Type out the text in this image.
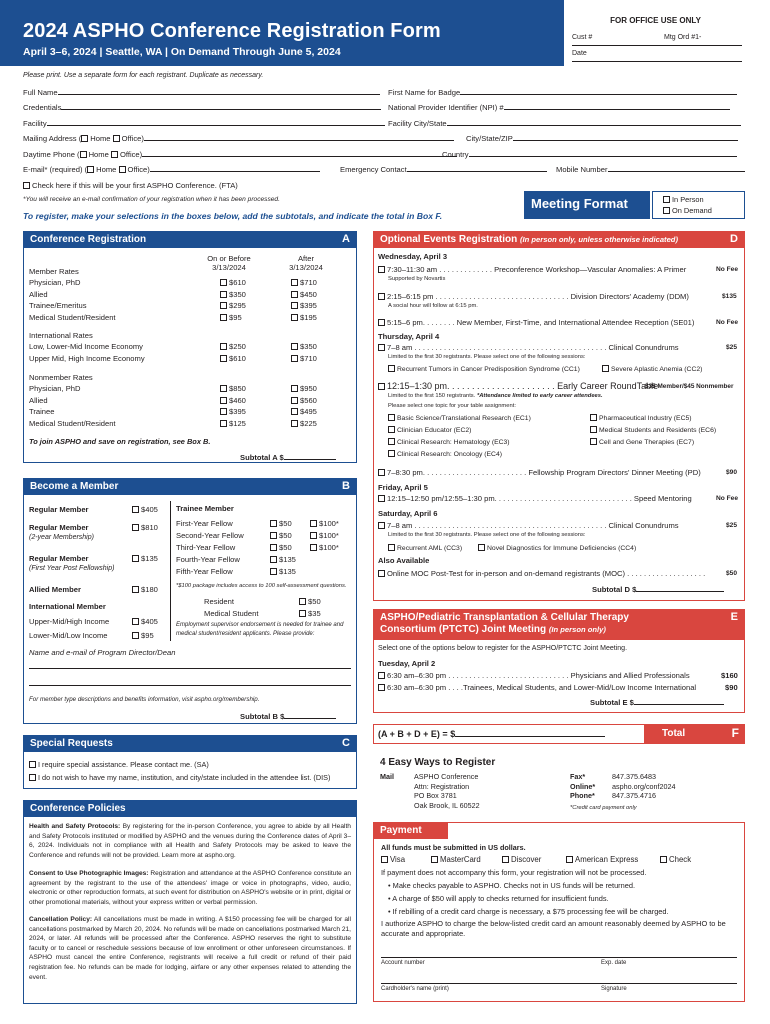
2024 ASPHO Conference Registration Form
April 3–6, 2024 | Seattle, WA | On Demand Through June 5, 2024
FOR OFFICE USE ONLY
Cust #	Mtg Ord #1-
Date
Please print. Use a separate form for each registrant. Duplicate as necessary.
Full Name	First Name for Badge
Credentials	National Provider Identifier (NPI) #
Facility	Facility City/State
Mailing Address ( Home Office)	City/State/ZIP
Daytime Phone ( Home Office)	Country
E-mail* (required) ( Home Office)	Emergency Contact	Mobile Number
Check here if this will be your first ASPHO Conference. (FTA)
*You will receive an e-mail confirmation of your registration when it has been processed.
To register, make your selections in the boxes below, add the subtotals, and indicate the total in Box F.
Meeting Format	In Person
On Demand
Conference Registration	A
On or Before
3/13/2024
After
3/13/2024
Member Rates
Physician, PhD	$610	$710
Allied	$350	$450
Trainee/Emeritus	$295	$395
Medical Student/Resident	$95	$195
International Rates
Low, Lower-Mid Income Economy	$250	$350
Upper Mid, High Income Economy	$610	$710
Nonmember Rates
Physician, PhD	$850	$950
Allied	$460	$560
Trainee	$395	$495
Medical Student/Resident	$125	$225
To join ASPHO and save on registration, see Box B.
Subtotal A $
Become a Member	B
Regular Member	$405
Regular Member
(2-year Membership)
$810
Regular Member
(First Year Post Fellowship)
$135
Allied Member	$180
International Member
Upper-Mid/High Income	$405
Lower-Mid/Low Income	$95
Trainee Member
First-Year Fellow	$50	$100*
Second-Year Fellow	$50	$100*
Third-Year Fellow	$50	$100*
Fourth-Year Fellow	$135
Fifth-Year Fellow	$135
*$100 package includes access to 100 self-assessment questions.
Resident	$50
Medical Student	$35
Employment supervisor endorsement is needed for trainee and medical student/resident applicants. Please provide:
Name and e-mail of Program Director/Dean
For member type descriptions and benefits information, visit aspho.org/membership.
Subtotal B $
Special Requests	C
I require special assistance. Please contact me. (SA)
I do not wish to have my name, institution, and city/state included in the attendee list. (DIS)
Conference Policies
Health and Safety Protocols: By registering for the in-person Conference, you agree to abide by all Health and Safety Protocols instituted or modified by ASPHO and the venues during the Conference dates of April 3–6, 2024. Individuals not in compliance with all Health and Safety Protocols may be asked to leave the Conference and refunds will not be provided. Learn more at aspho.org.
Consent to Use Photographic Images: Registration and attendance at the ASPHO Conference constitute an agreement by the registrant to the use of the attendees' image or voice in photographs, video, audio, electronic or other reproduction formats, at such event for distribution on ASPHO's website or in print, digital or other promotional materials, without your express written or verbal permission.
Cancellation Policy: All cancellations must be made in writing. A $150 processing fee will be charged for all cancellations postmarked by March 20, 2024. No refunds will be made on cancellations postmarked March 21, 2024, or later. All refunds will be processed after the Conference. ASPHO reserves the right to substitute faculty or to cancel or reschedule sessions because of low enrollment or other unforeseen circumstances. If ASPHO must cancel the entire Conference, registrants will receive a full credit or refund of their paid registration fee. No refunds can be made for lodging, airfare or any other expenses related to attending the event.
Optional Events Registration (In person only, unless otherwise indicated)	D
Wednesday, April 3
7:30–11:30 am . . . . . . . . . . . . . Preconference Workshop—Vascular Anomalies: A Primer	No Fee
Supported by Novartis
2:15–6:15 pm . . . . . . . . . . . . . . . . . . . . . . . . . . . . . . . . Division Directors' Academy (DDM)	$135
A social hour will follow at 6:15 pm.
5:15–6 pm. . . . . . . . New Member, First-Time, and International Attendee Reception (SE01)	No Fee
Thursday, April 4
7–8 am . . . . . . . . . . . . . . . . . . . . . . . . . . . . . . . . . . . . . . . . . . . . . . Clinical Conundrums	$25
Limited to the first 30 registrants. Please select one of the following sessions:
Recurrent Tumors in Cancer Predisposition Syndrome (CC1)	Severe Aplastic Anemia (CC2)
12:15–1:30 pm. . . . . . . . . . . . . . . . . . . . . . Early Career RoundTable
$35 Member/$45 Nonmember
Limited to the first 150 registrants. *Attendance limited to early career attendees.
Please select one topic for your table assignment:
Basic Science/Translational Research (EC1)
Clinician Educator (EC2)
Clinical Research: Hematology (EC3)
Clinical Research: Oncology (EC4)
Pharmaceutical Industry (EC5)
Medical Students and Residents (EC6)
Cell and Gene Therapies (EC7)
7–8:30 pm. . . . . . . . . . . . . . . . . . . . . . . . . Fellowship Program Directors' Dinner Meeting (PD)	$90
Friday, April 5
12:15–12:50 pm/12:55–1:30 pm. . . . . . . . . . . . . . . . . . . . . . . . . . . . . . . . . Speed Mentoring	No Fee
Saturday, April 6
7–8 am . . . . . . . . . . . . . . . . . . . . . . . . . . . . . . . . . . . . . . . . . . . . . . Clinical Conundrums	$25
Limited to the first 30 registrants. Please select one of the following sessions:
Recurrent AML (CC3)	Novel Diagnostics for Immune Deficiencies (CC4)
Also Available
Online MOC Post-Test for in-person and on-demand registrants (MOC) . . . . . . . . . . . . . . . . . . .	$50
Subtotal D $
ASPHO/Pediatric Transplantation & Cellular Therapy
Consortium (PTCTC) Joint Meeting (In person only)
E
Select one of the options below to register for the ASPHO/PTCTC Joint Meeting.
Tuesday, April 2
6:30 am–6:30 pm . . . . . . . . . . . . . . . . . . . . . . . . . . . . . Physicians and Allied Professionals	$160
6:30 am–6:30 pm . . . .Trainees, Medical Students, and Lower-Mid/Low Income International	$90
Subtotal E $
(A + B + D + E) = $	Total	F
4 Easy Ways to Register
Mail	ASPHO Conference
Attn: Registration
PO Box 3781
Oak Brook, IL 60522
Fax*
Online*
Phone*
847.375.6483
aspho.org/conf2024
847.375.4716
*Credit card payment only
Payment
All funds must be submitted in US dollars.
Visa	MasterCard	Discover	American Express	Check
If payment does not accompany this form, your registration will not be processed.
• Make checks payable to ASPHO. Checks not in US funds will be returned.
• A charge of $50 will apply to checks returned for insufficient funds.
• If rebilling of a credit card charge is necessary, a $75 processing fee will be charged.
I authorize ASPHO to charge the below-listed credit card an amount reasonably deemed by ASPHO to be accurate and appropriate.
Account number	Exp. date
Cardholder's name (print)	Signature
